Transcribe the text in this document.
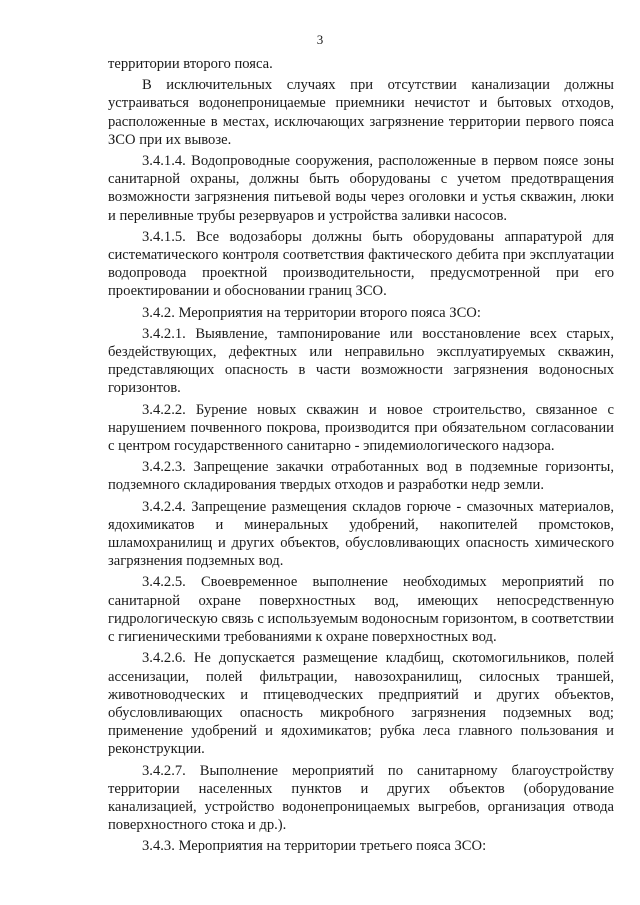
3

территории второго пояса.

В исключительных случаях при отсутствии канализации должны устраиваться водонепроницаемые приемники нечистот и бытовых отходов, расположенные в местах, исключающих загрязнение территории первого пояса ЗСО при их вывозе.

3.4.1.4. Водопроводные сооружения, расположенные в первом поясе зоны санитарной охраны, должны быть оборудованы с учетом предотвращения возможности загрязнения питьевой воды через оголовки и устья скважин, люки и переливные трубы резервуаров и устройства заливки насосов.

3.4.1.5. Все водозаборы должны быть оборудованы аппаратурой для систематического контроля соответствия фактического дебита при эксплуатации водопровода проектной производительности, предусмотренной при его проектировании и обосновании границ ЗСО.

3.4.2. Мероприятия на территории второго пояса ЗСО:

3.4.2.1. Выявление, тампонирование или восстановление всех старых, бездействующих, дефектных или неправильно эксплуатируемых скважин, представляющих опасность в части возможности загрязнения водоносных горизонтов.

3.4.2.2. Бурение новых скважин и новое строительство, связанное с нарушением почвенного покрова, производится при обязательном согласовании с центром государственного санитарно - эпидемиологического надзора.

3.4.2.3. Запрещение закачки отработанных вод в подземные горизонты, подземного складирования твердых отходов и разработки недр земли.

3.4.2.4. Запрещение размещения складов горюче - смазочных материалов, ядохимикатов и минеральных удобрений, накопителей промстоков, шламохранилищ и других объектов, обусловливающих опасность химического загрязнения подземных вод.

3.4.2.5. Своевременное выполнение необходимых мероприятий по санитарной охране поверхностных вод, имеющих непосредственную гидрологическую связь с используемым водоносным горизонтом, в соответствии с гигиеническими требованиями к охране поверхностных вод.

3.4.2.6. Не допускается размещение кладбищ, скотомогильников, полей ассенизации, полей фильтрации, навозохранилищ, силосных траншей, животноводческих и птицеводческих предприятий и других объектов, обусловливающих опасность микробного загрязнения подземных вод; применение удобрений и ядохимикатов; рубка леса главного пользования и реконструкции.

3.4.2.7. Выполнение мероприятий по санитарному благоустройству территории населенных пунктов и других объектов (оборудование канализацией, устройство водонепроницаемых выгребов, организация отвода поверхностного стока и др.).

3.4.3. Мероприятия на территории третьего пояса ЗСО:
